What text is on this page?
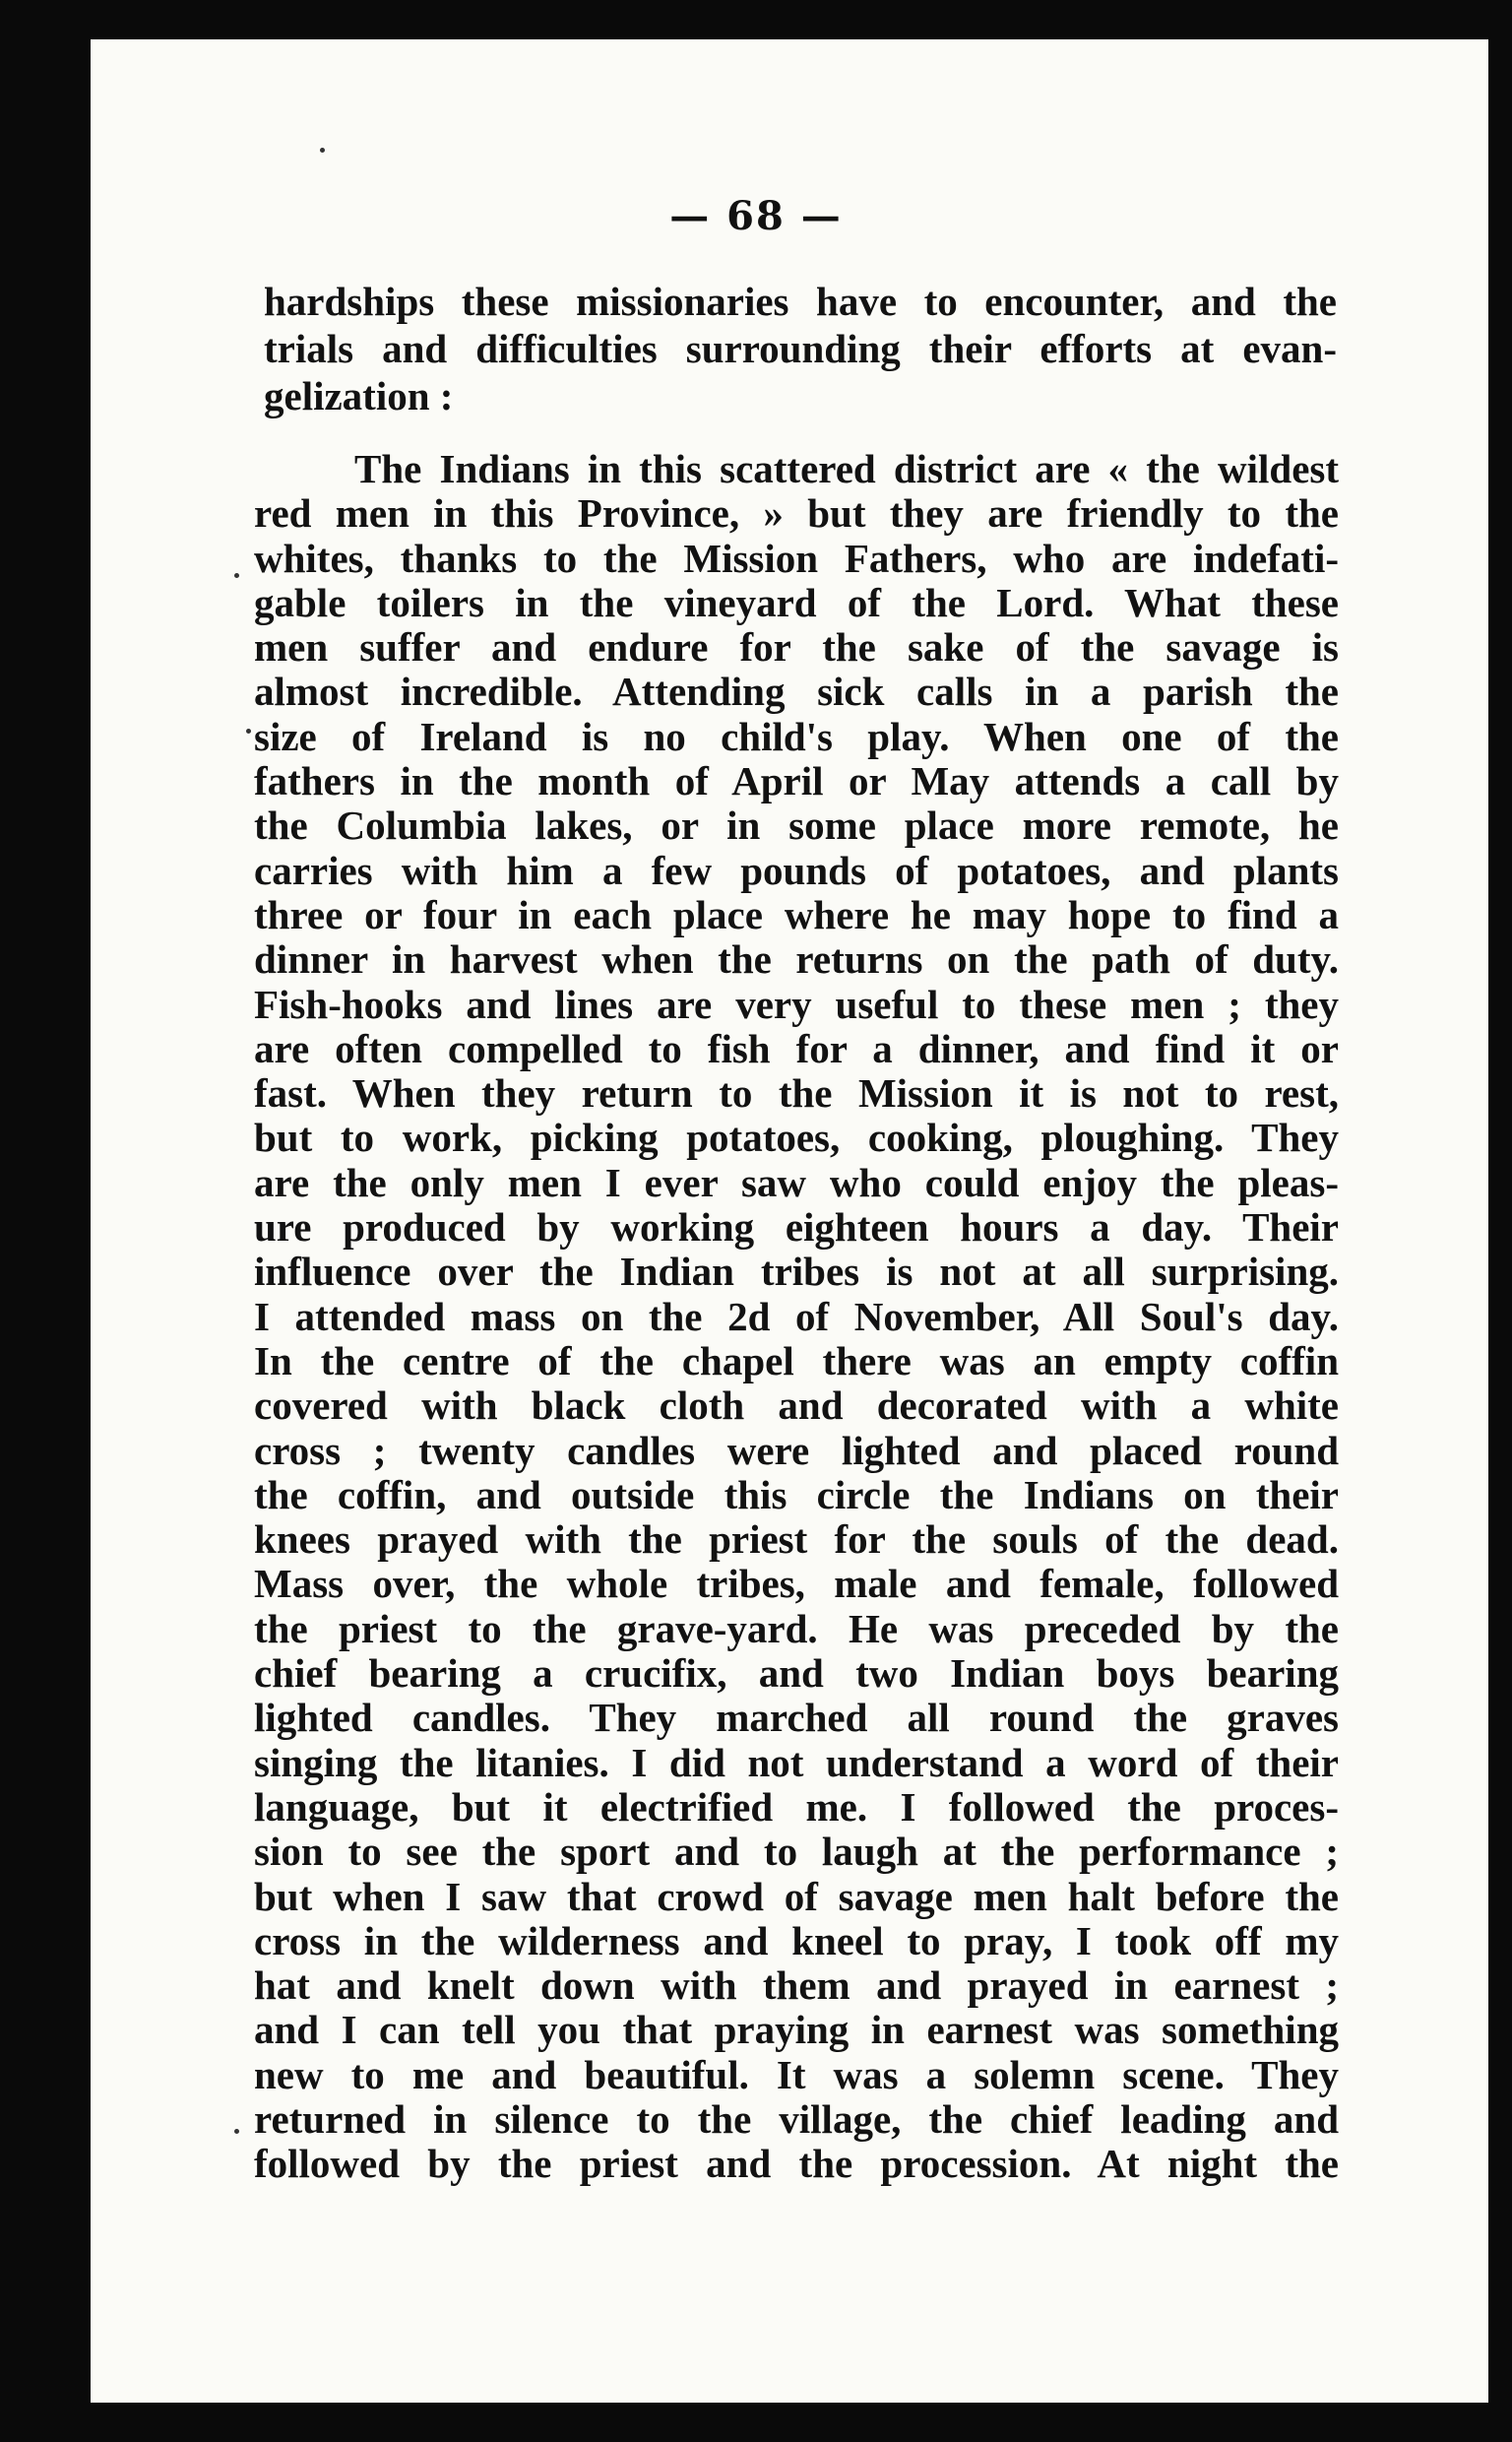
— 68 —
hardships these missionaries have to encounter, and the
trials and difficulties surrounding their efforts at evan-
gelization :
The Indians in this scattered district are « the wildest
red men in this Province, » but they are friendly to the
whites, thanks to the Mission Fathers, who are indefati-
gable toilers in the vineyard of the Lord. What these
men suffer and endure for the sake of the savage is
almost incredible. Attending sick calls in a parish the
size of Ireland is no child's play. When one of the
fathers in the month of April or May attends a call by
the Columbia lakes, or in some place more remote, he
carries with him a few pounds of potatoes, and plants
three or four in each place where he may hope to find a
dinner in harvest when the returns on the path of duty.
Fish-hooks and lines are very useful to these men ; they
are often compelled to fish for a dinner, and find it or
fast. When they return to the Mission it is not to rest,
but to work, picking potatoes, cooking, ploughing. They
are the only men I ever saw who could enjoy the pleas-
ure produced by working eighteen hours a day. Their
influence over the Indian tribes is not at all surprising.
I attended mass on the 2d of November, All Soul's day.
In the centre of the chapel there was an empty coffin
covered with black cloth and decorated with a white
cross ; twenty candles were lighted and placed round
the coffin, and outside this circle the Indians on their
knees prayed with the priest for the souls of the dead.
Mass over, the whole tribes, male and female, followed
the priest to the grave-yard. He was preceded by the
chief bearing a crucifix, and two Indian boys bearing
lighted candles. They marched all round the graves
singing the litanies. I did not understand a word of their
language, but it electrified me. I followed the proces-
sion to see the sport and to laugh at the performance ;
but when I saw that crowd of savage men halt before the
cross in the wilderness and kneel to pray, I took off my
hat and knelt down with them and prayed in earnest ;
and I can tell you that praying in earnest was something
new to me and beautiful. It was a solemn scene. They
returned in silence to the village, the chief leading and
followed by the priest and the procession. At night the
